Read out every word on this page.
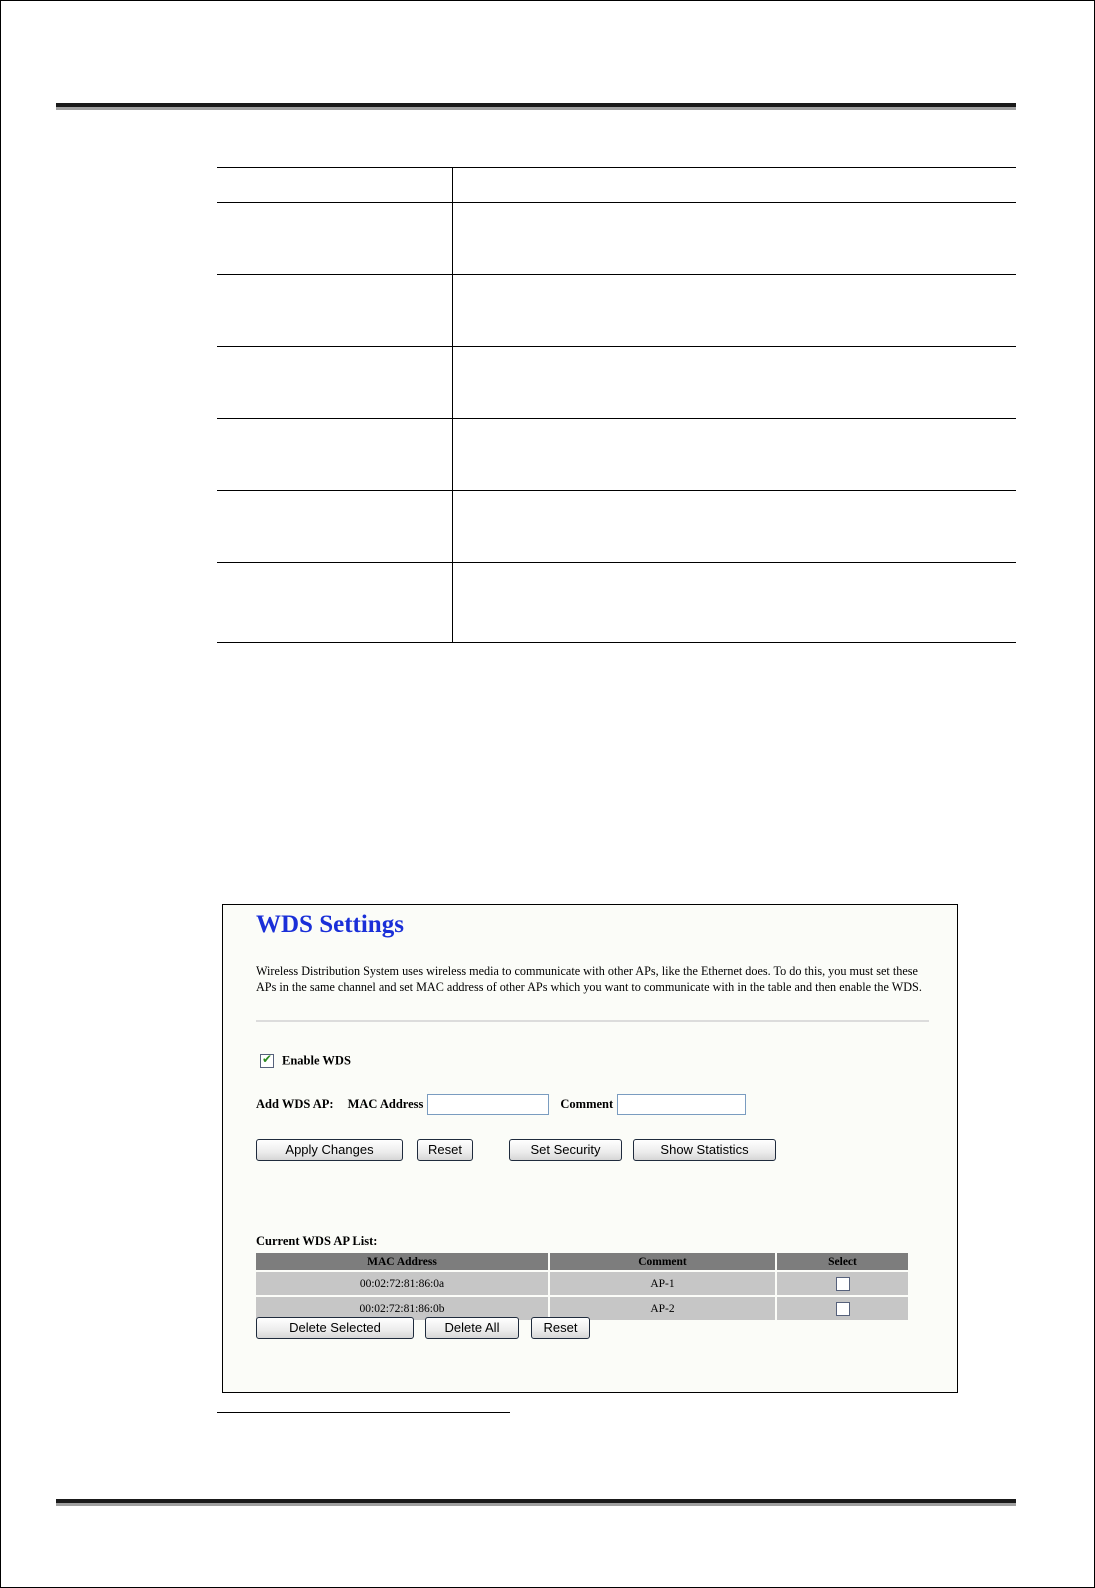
WDS Settings
Wireless Distribution System uses wireless media to communicate with other APs, like the Ethernet does. To do this, you must set these APs in the same channel and set MAC address of other APs which you want to communicate with in the table and then enable the WDS.
✔ Enable WDS
Add WDS AP: MAC Address	Comment
Apply Changes	Reset	Set Security	Show Statistics
Current WDS AP List:
MAC Address	Comment	Select
00:02:72:81:86:0a	AP-1	
00:02:72:81:86:0b	AP-2	
Delete Selected	Delete All	Reset
